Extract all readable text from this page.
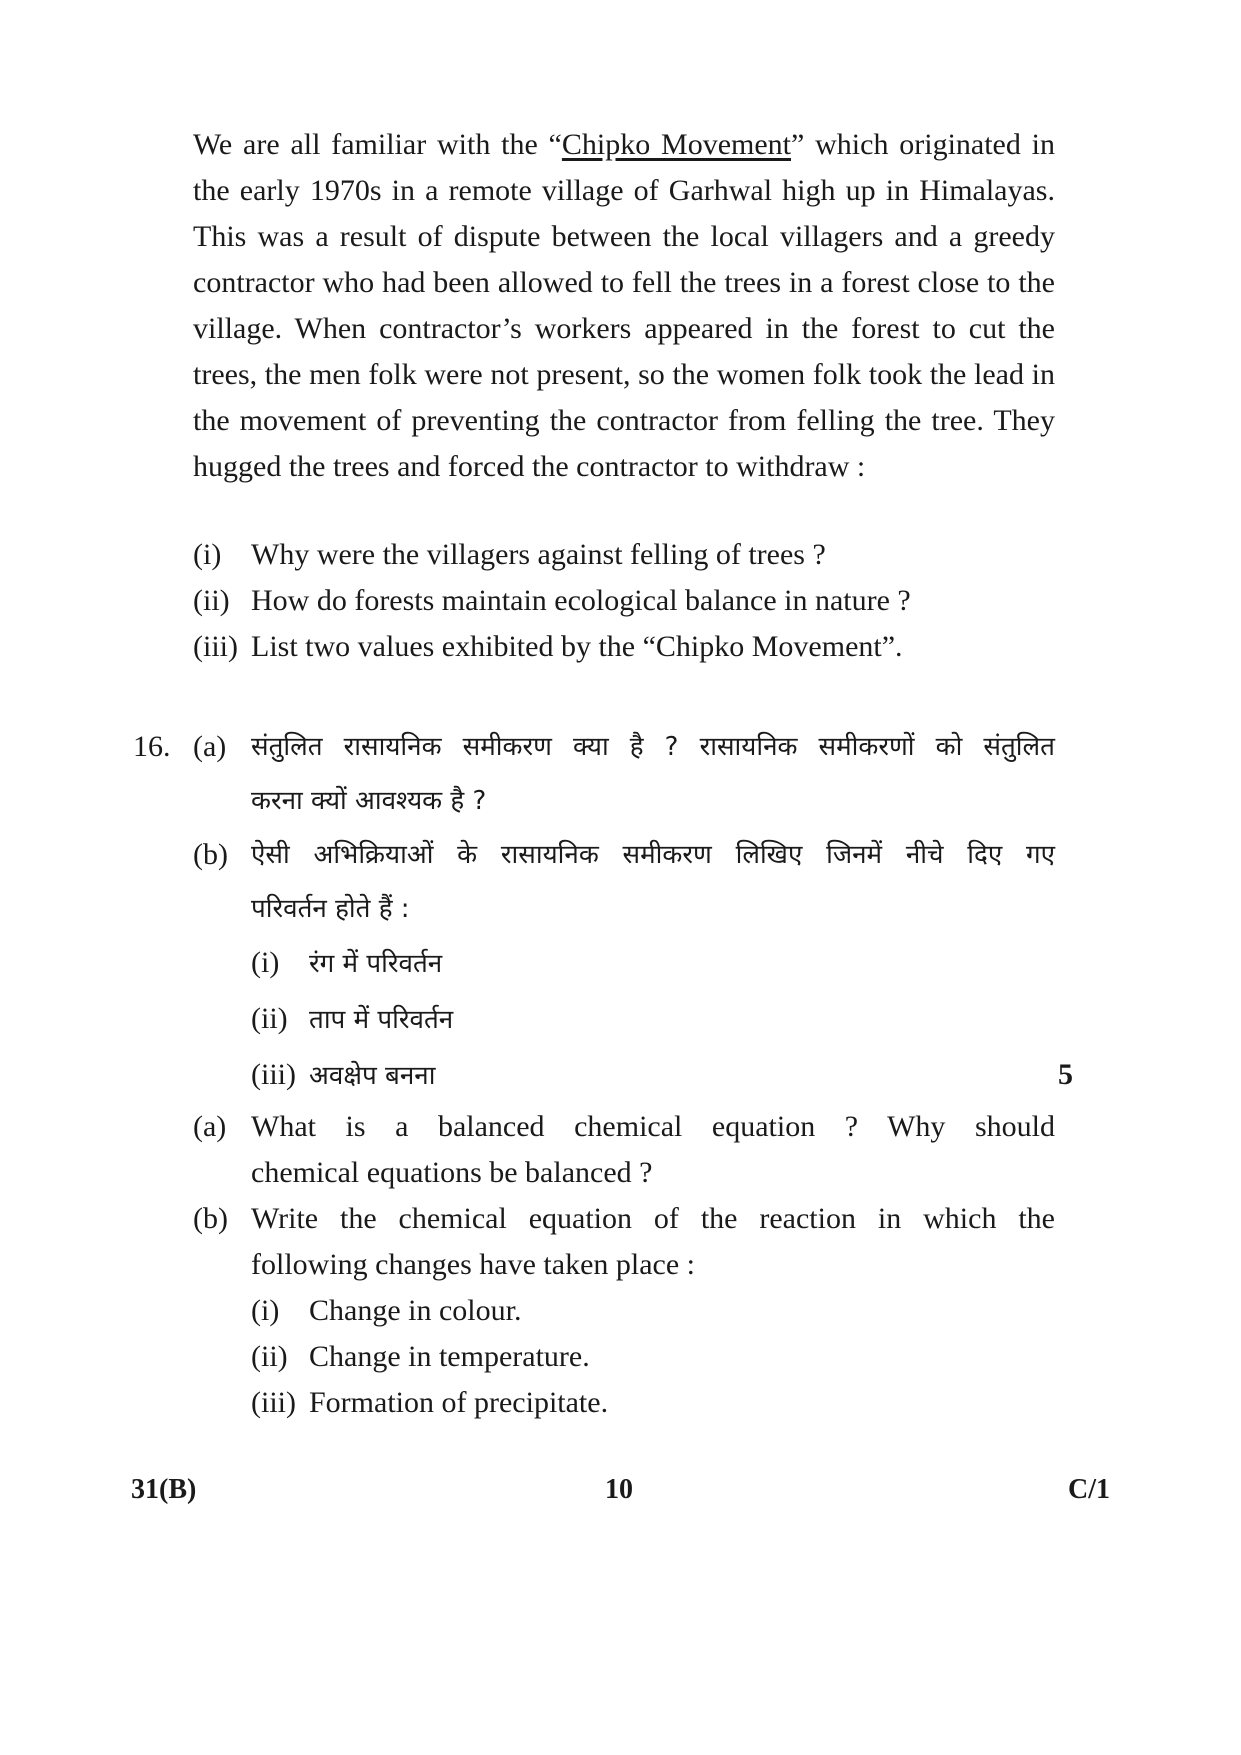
We are all familiar with the “Chipko Movement” which originated in the early 1970s in a remote village of Garhwal high up in Himalayas. This was a result of dispute between the local villagers and a greedy contractor who had been allowed to fell the trees in a forest close to the village. When contractor’s workers appeared in the forest to cut the trees, the men folk were not present, so the women folk took the lead in the movement of preventing the contractor from felling the tree. They hugged the trees and forced the contractor to withdraw :
(i) Why were the villagers against felling of trees ?
(ii) How do forests maintain ecological balance in nature ?
(iii) List two values exhibited by the “Chipko Movement”.
16. (a) संतुलित रासायनिक समीकरण क्या है ? रासायनिक समीकरणों को संतुलित
करना क्यों आवश्यक है ?
(b) ऐसी अभिक्रियाओं के रासायनिक समीकरण लिखिए जिनमें नीचे दिए गए
परिवर्तन होते हैं :
(i) रंग में परिवर्तन
(ii) ताप में परिवर्तन
(iii) अवक्षेप बनना	5
(a) What is a balanced chemical equation ? Why should
chemical equations be balanced ?
(b) Write the chemical equation of the reaction in which the
following changes have taken place :
(i) Change in colour.
(ii) Change in temperature.
(iii) Formation of precipitate.
31(B)	10	C/1
